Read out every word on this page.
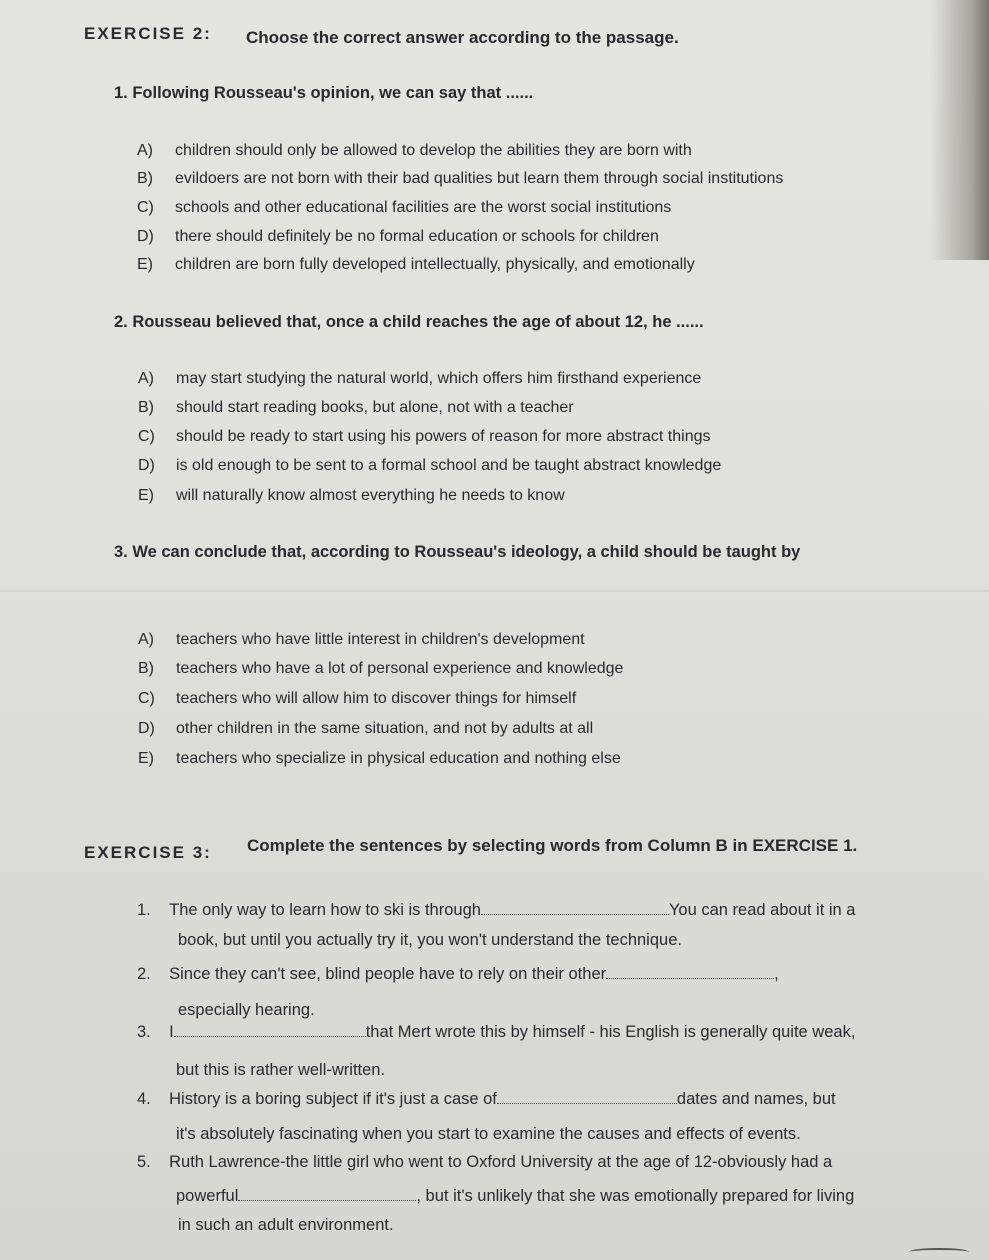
EXERCISE 2: Choose the correct answer according to the passage.
1. Following Rousseau's opinion, we can say that ......
A) children should only be allowed to develop the abilities they are born with
B) evildoers are not born with their bad qualities but learn them through social institutions
C) schools and other educational facilities are the worst social institutions
D) there should definitely be no formal education or schools for children
E) children are born fully developed intellectually, physically, and emotionally
2. Rousseau believed that, once a child reaches the age of about 12, he ......
A) may start studying the natural world, which offers him firsthand experience
B) should start reading books, but alone, not with a teacher
C) should be ready to start using his powers of reason for more abstract things
D) is old enough to be sent to a formal school and be taught abstract knowledge
E) will naturally know almost everything he needs to know
3. We can conclude that, according to Rousseau's ideology, a child should be taught by
A) teachers who have little interest in children's development
B) teachers who have a lot of personal experience and knowledge
C) teachers who will allow him to discover things for himself
D) other children in the same situation, and not by adults at all
E) teachers who specialize in physical education and nothing else
EXERCISE 3: Complete the sentences by selecting words from Column B in EXERCISE 1.
1. The only way to learn how to ski is through	You can read about it in a
book, but until you actually try it, you won't understand the technique.
2. Since they can't see, blind people have to rely on their other	,
especially hearing.
3. I	that Mert wrote this by himself - his English is generally quite weak,
but this is rather well-written.
4. History is a boring subject if it's just a case of	dates and names, but
it's absolutely fascinating when you start to examine the causes and effects of events.
5. Ruth Lawrence-the little girl who went to Oxford University at the age of 12-obviously had a
powerful	, but it's unlikely that she was emotionally prepared for living
in such an adult environment.
